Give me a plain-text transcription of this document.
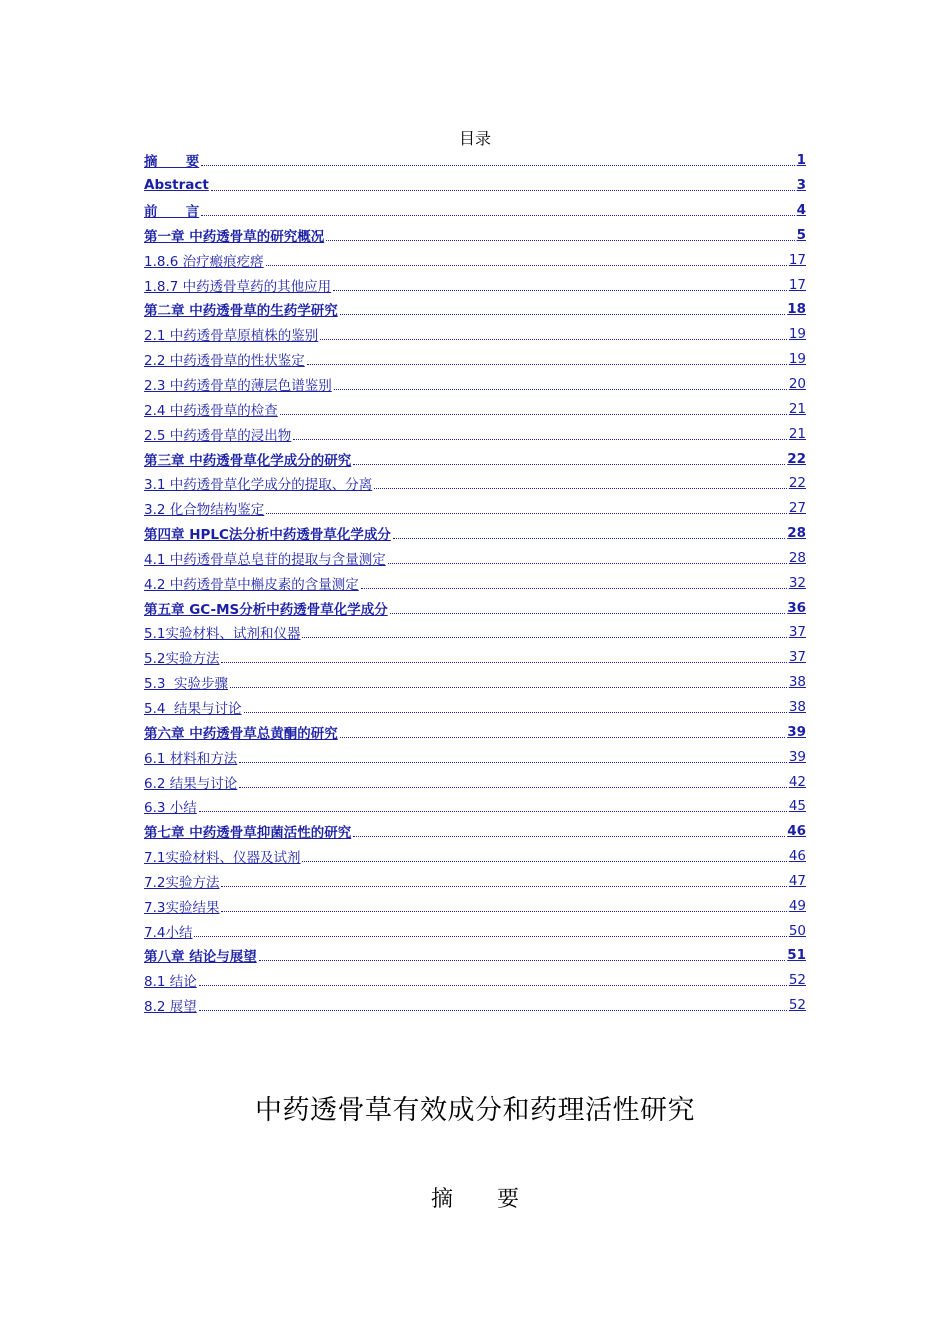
目录
摘      要	1
Abstract	3
前      言	4
第一章 中药透骨草的研究概况	5
1.8.6 治疗瘢痕疙瘩	17
1.8.7 中药透骨草药的其他应用	17
第二章 中药透骨草的生药学研究	18
2.1 中药透骨草原植株的鉴别	19
2.2 中药透骨草的性状鉴定	19
2.3 中药透骨草的薄层色谱鉴别	20
2.4 中药透骨草的检查	21
2.5 中药透骨草的浸出物	21
第三章 中药透骨草化学成分的研究	22
3.1 中药透骨草化学成分的提取、分离	22
3.2 化合物结构鉴定	27
第四章 HPLC法分析中药透骨草化学成分	28
4.1 中药透骨草总皂苷的提取与含量测定	28
4.2 中药透骨草中槲皮素的含量测定	32
第五章 GC-MS分析中药透骨草化学成分	36
5.1实验材料、试剂和仪器	37
5.2实验方法	37
5.3  实验步骤	38
5.4  结果与讨论	38
第六章 中药透骨草总黄酮的研究	39
6.1 材料和方法	39
6.2 结果与讨论	42
6.3 小结	45
第七章 中药透骨草抑菌活性的研究	46
7.1实验材料、仪器及试剂	46
7.2实验方法	47
7.3实验结果	49
7.4小结	50
第八章 结论与展望	51
8.1 结论	52
8.2 展望	52
中药透骨草有效成分和药理活性研究
摘 要
